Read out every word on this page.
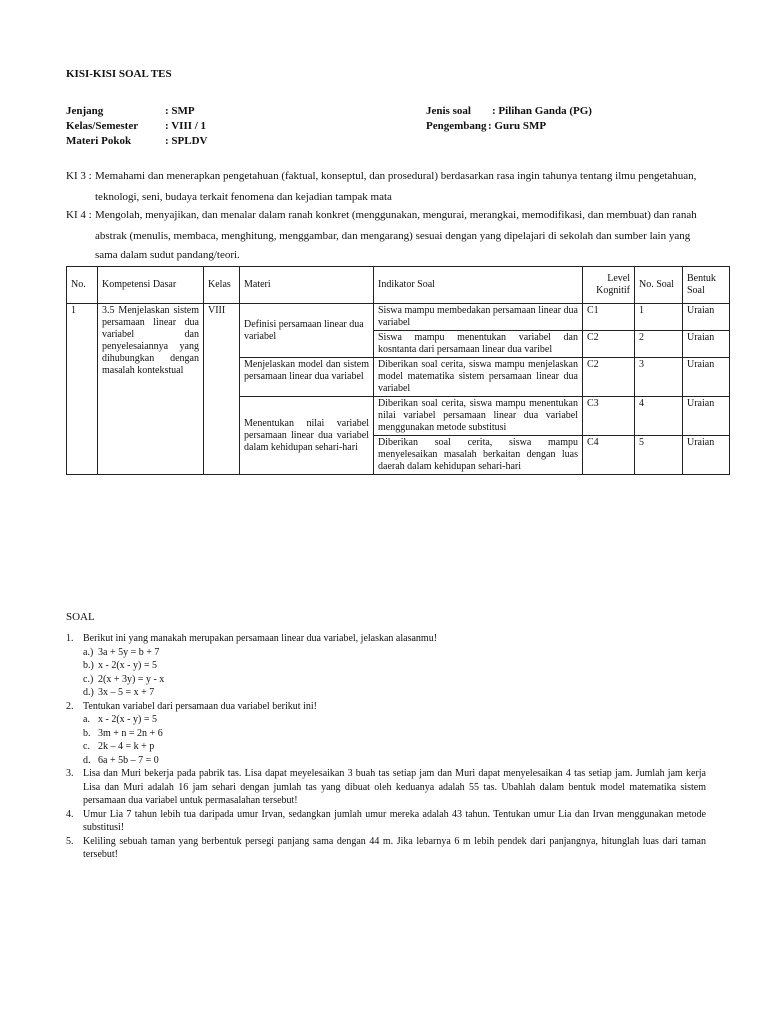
KISI-KISI SOAL TES
Jenjang	: SMP
Kelas/Semester : VIII / 1
Materi Pokok	: SPLDV
Jenis soal : Pilihan Ganda (PG)
Pengembang : Guru SMP
KI 3 : Memahami dan menerapkan pengetahuan (faktual, konseptul, dan prosedural) berdasarkan rasa ingin tahunya tentang ilmu pengetahuan,
teknologi, seni, budaya terkait fenomena dan kejadian tampak mata
KI 4 : Mengolah, menyajikan, dan menalar dalam ranah konkret (menggunakan, mengurai, merangkai, memodifikasi, dan membuat) dan ranah
abstrak (menulis, membaca, menghitung, menggambar, dan mengarang) sesuai dengan yang dipelajari di sekolah dan sumber lain yang
sama dalam sudut pandang/teori.
No.	Kompetensi Dasar	Kelas	Materi	Indikator Soal	Level Kognitif	No. Soal	Bentuk Soal
1	3.5 Menjelaskan sistem persamaan linear dua variabel dan penyelesaiannya yang dihubungkan dengan masalah kontekstual	VIII	Definisi persamaan linear dua variabel	Siswa mampu membedakan persamaan linear dua variabel	C1	1	Uraian
				Siswa mampu menentukan variabel dan kosntanta dari persamaan linear dua varibel	C2	2	Uraian
			Menjelaskan model dan sistem persamaan linear dua variabel	Diberikan soal cerita, siswa mampu menjelaskan model matematika sistem persamaan linear dua variabel	C2	3	Uraian
			Menentukan nilai variabel persamaan linear dua variabel dalam kehidupan sehari-hari	Diberikan soal cerita, siswa mampu menentukan nilai variabel persamaan linear dua variabel menggunakan metode substitusi	C3	4	Uraian
				Diberikan soal cerita, siswa mampu menyelesaikan masalah berkaitan dengan luas daerah dalam kehidupan sehari-hari	C4	5	Uraian
SOAL
1. Berikut ini yang manakah merupakan persamaan linear dua variabel, jelaskan alasanmu!
a.) 3a + 5y = b + 7
b.) x - 2(x - y) = 5
c.) 2(x + 3y) = y - x
d.) 3x – 5 = x + 7
2. Tentukan variabel dari persamaan dua variabel berikut ini!
a. x - 2(x - y) = 5
b. 3m + n = 2n + 6
c. 2k – 4 = k + p
d. 6a + 5b – 7 = 0
3. Lisa dan Muri bekerja pada pabrik tas. Lisa dapat meyelesaikan 3 buah tas setiap jam dan Muri dapat menyelesaikan 4 tas setiap jam. Jumlah jam kerja Lisa dan Muri adalah 16 jam sehari dengan jumlah tas yang dibuat oleh keduanya adalah 55 tas. Ubahlah dalam bentuk model matematika sistem persamaan dua variabel untuk permasalahan tersebut!
4. Umur Lia 7 tahun lebih tua daripada umur Irvan, sedangkan jumlah umur mereka adalah 43 tahun. Tentukan umur Lia dan Irvan menggunakan metode substitusi!
5. Keliling sebuah taman yang berbentuk persegi panjang sama dengan 44 m. Jika lebarnya 6 m lebih pendek dari panjangnya, hitunglah luas dari taman tersebut!
